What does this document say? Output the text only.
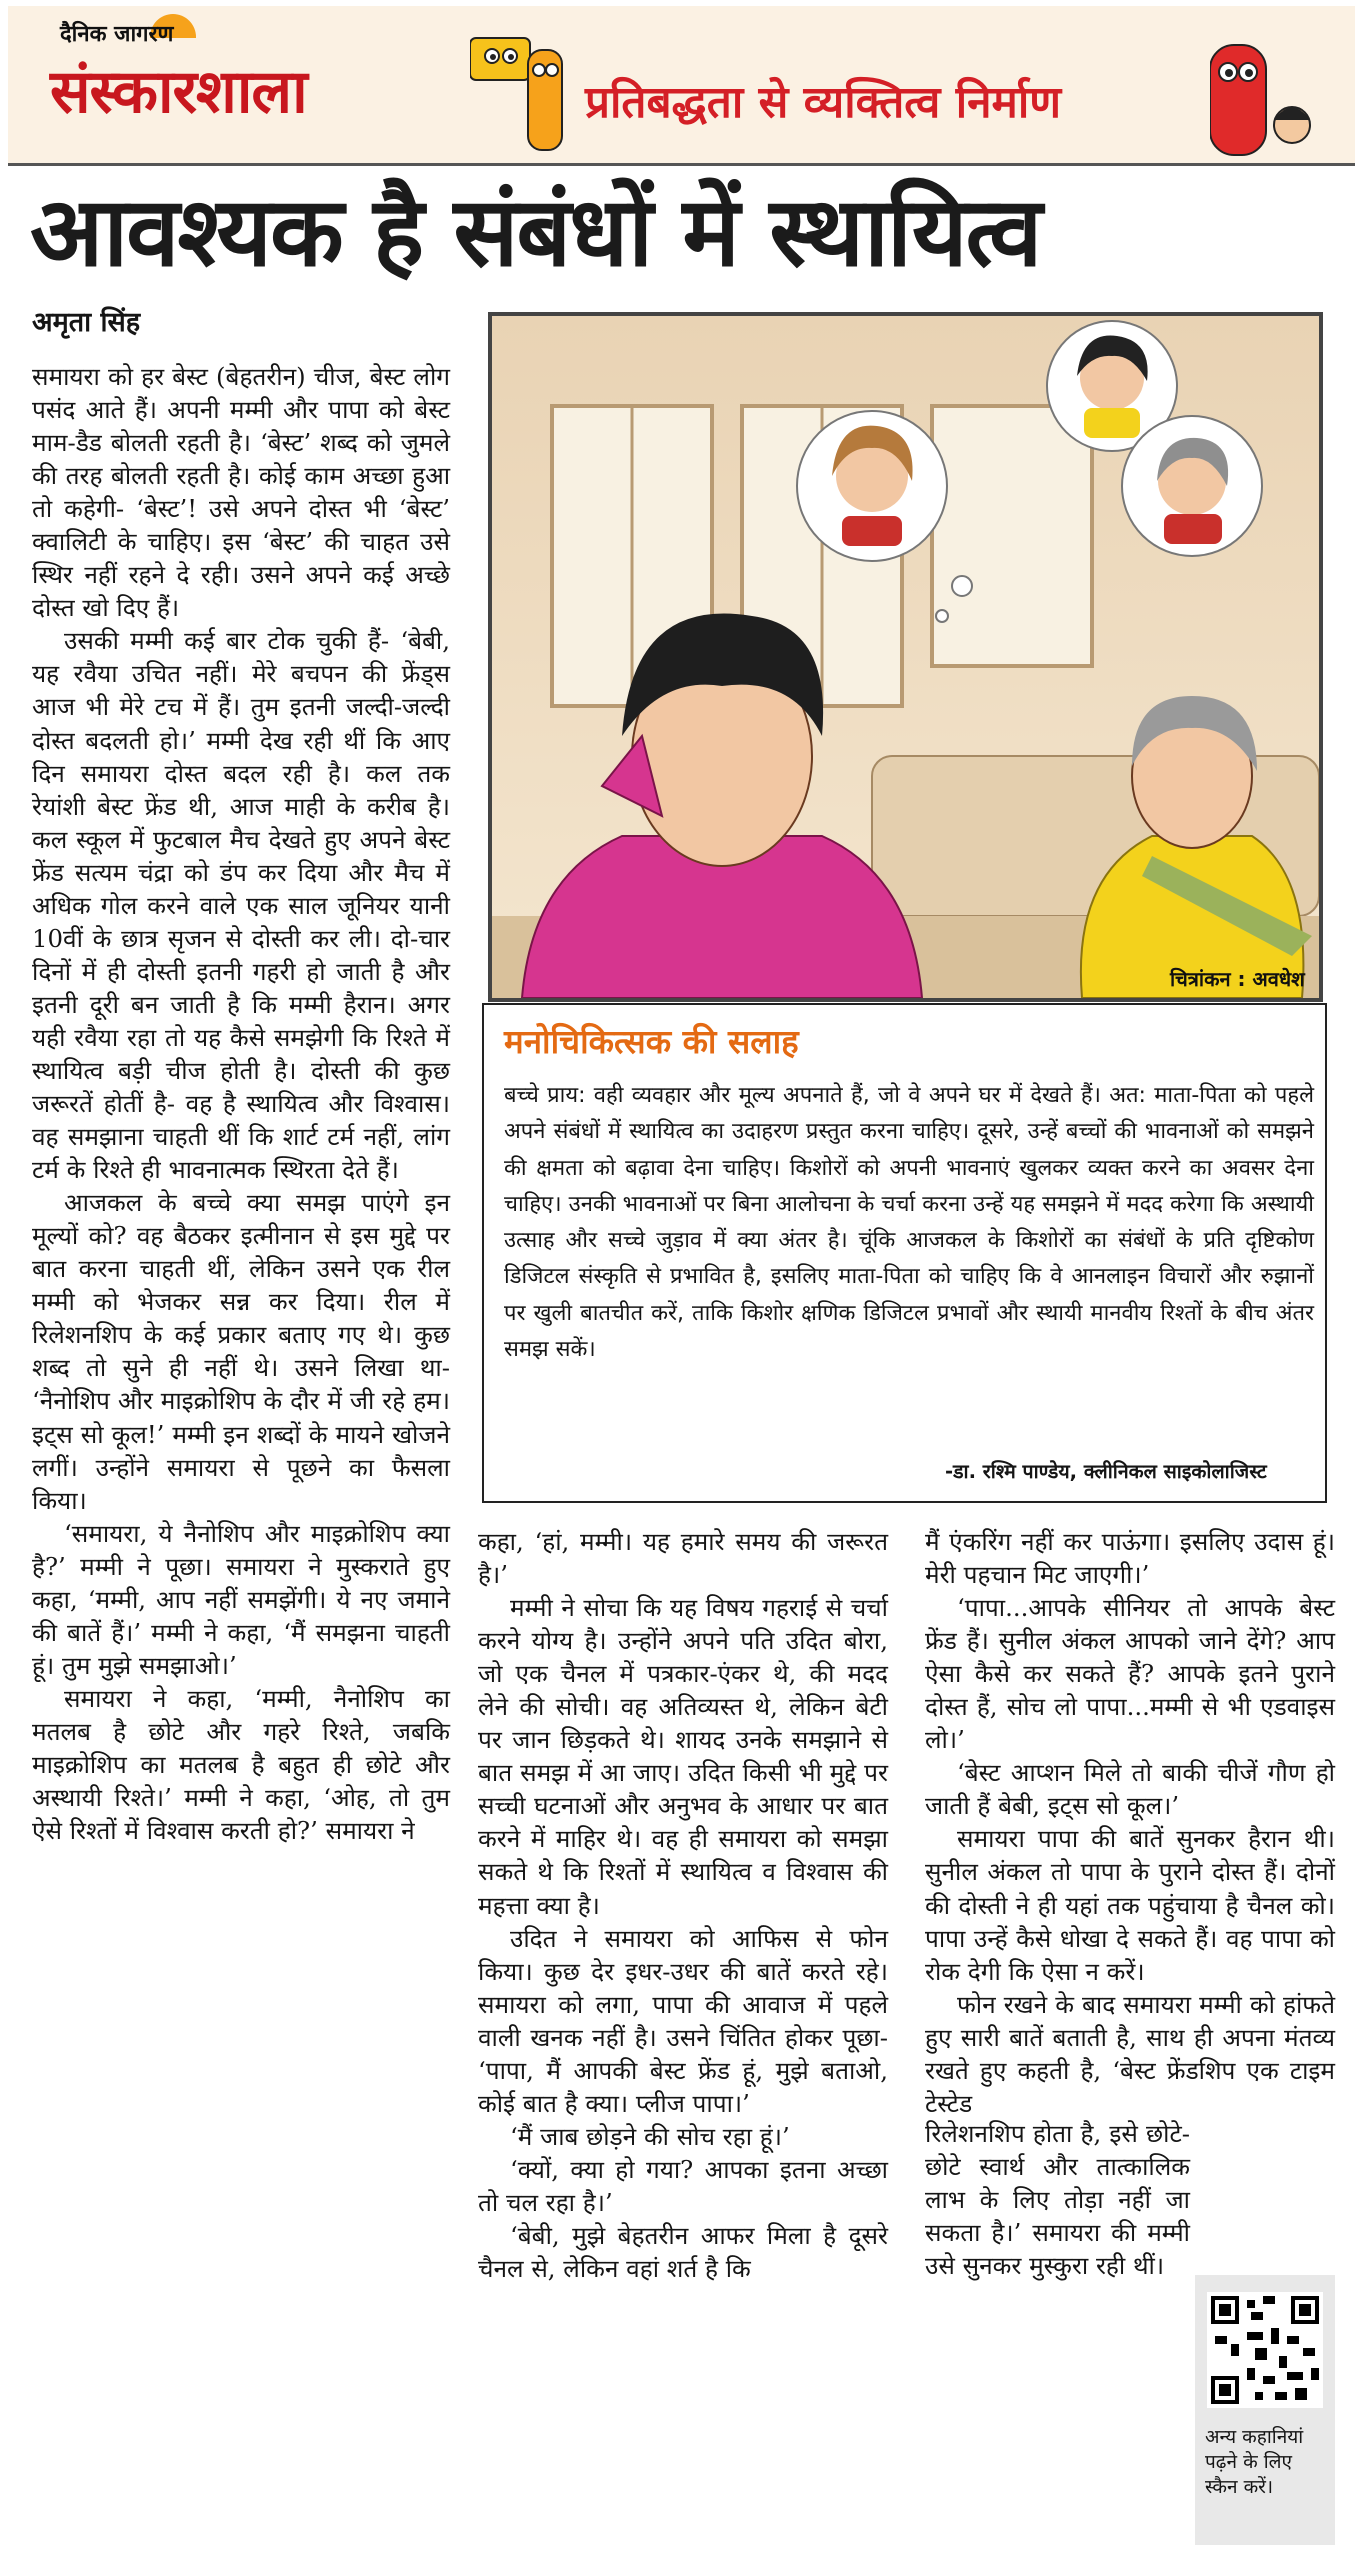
दैनिक जागरण
संस्कारशाला	प्रतिबद्धता से व्यक्तित्व निर्माण
आवश्यक है संबंधों में स्थायित्व
अमृता सिंह

समायरा को हर बेस्ट (बेहतरीन) चीज, बेस्ट लोग पसंद आते हैं। अपनी मम्मी और पापा को बेस्ट माम-डैड बोलती रहती है। ‘बेस्ट’ शब्द को जुमले की तरह बोलती रहती है। कोई काम अच्छा हुआ तो कहेगी- ‘बेस्ट’! उसे अपने दोस्त भी ‘बेस्ट’ क्वालिटी के चाहिए। इस ‘बेस्ट’ की चाहत उसे स्थिर नहीं रहने दे रही। उसने अपने कई अच्छे दोस्त खो दिए हैं।

उसकी मम्मी कई बार टोक चुकी हैं- ‘बेबी, यह रवैया उचित नहीं। मेरे बचपन की फ्रेंड्स आज भी मेरे टच में हैं। तुम इतनी जल्दी-जल्दी दोस्त बदलती हो।’ मम्मी देख रही थीं कि आए दिन समायरा दोस्त बदल रही है। कल तक रेयांशी बेस्ट फ्रेंड थी, आज माही के करीब है। कल स्कूल में फुटबाल मैच देखते हुए अपने बेस्ट फ्रेंड सत्यम चंद्रा को डंप कर दिया और मैच में अधिक गोल करने वाले एक साल जूनियर यानी 10वीं के छात्र सृजन से दोस्ती कर ली। दो-चार दिनों में ही दोस्ती इतनी गहरी हो जाती है और इतनी दूरी बन जाती है कि मम्मी हैरान। अगर यही रवैया रहा तो यह कैसे समझेगी कि रिश्ते में स्थायित्व बड़ी चीज होती है। दोस्ती की कुछ जरूरतें होतीं है- वह है स्थायित्व और विश्वास। वह समझाना चाहती थीं कि शार्ट टर्म नहीं, लांग टर्म के रिश्ते ही भावनात्मक स्थिरता देते हैं।

आजकल के बच्चे क्या समझ पाएंगे इन मूल्यों को? वह बैठकर इत्मीनान से इस मुद्दे पर बात करना चाहती थीं, लेकिन उसने एक रील मम्मी को भेजकर सन्न कर दिया। रील में रिलेशनशिप के कई प्रकार बताए गए थे। कुछ शब्द तो सुने ही नहीं थे। उसने लिखा था- ‘नैनोशिप और माइक्रोशिप के दौर में जी रहे हम। इट्स सो कूल!’ मम्मी इन शब्दों के मायने खोजने लगीं। उन्होंने समायरा से पूछने का फैसला किया।

‘समायरा, ये नैनोशिप और माइक्रोशिप क्या है?’ मम्मी ने पूछा। समायरा ने मुस्कराते हुए कहा, ‘मम्मी, आप नहीं समझेंगी। ये नए जमाने की बातें हैं।’ मम्मी ने कहा, ‘मैं समझना चाहती हूं। तुम मुझे समझाओ।’

समायरा ने कहा, ‘मम्मी, नैनोशिप का मतलब है छोटे और गहरे रिश्ते, जबकि माइक्रोशिप का मतलब है बहुत ही छोटे और अस्थायी रिश्ते।’ मम्मी ने कहा, ‘ओह, तो तुम ऐसे रिश्तों में विश्वास करती हो?’ समायरा ने

चित्रांकन : अवधेश
मनोचिकित्सक की सलाह
बच्चे प्राय: वही व्यवहार और मूल्य अपनाते हैं, जो वे अपने घर में देखते हैं। अत: माता-पिता को पहले अपने संबंधों में स्थायित्व का उदाहरण प्रस्तुत करना चाहिए। दूसरे, उन्हें बच्चों की भावनाओं को समझने की क्षमता को बढ़ावा देना चाहिए। किशोरों को अपनी भावनाएं खुलकर व्यक्त करने का अवसर देना चाहिए। उनकी भावनाओं पर बिना आलोचना के चर्चा करना उन्हें यह समझने में मदद करेगा कि अस्थायी उत्साह और सच्चे जुड़ाव में क्या अंतर है। चूंकि आजकल के किशोरों का संबंधों के प्रति दृष्टिकोण डिजिटल संस्कृति से प्रभावित है, इसलिए माता-पिता को चाहिए कि वे आनलाइन विचारों और रुझानों पर खुली बातचीत करें, ताकि किशोर क्षणिक डिजिटल प्रभावों और स्थायी मानवीय रिश्तों के बीच अंतर समझ सकें।
-डा. रश्मि पाण्डेय, क्लीनिकल साइकोलाजिस्ट

कहा, ‘हां, मम्मी। यह हमारे समय की जरूरत है।’

मम्मी ने सोचा कि यह विषय गहराई से चर्चा करने योग्य है। उन्होंने अपने पति उदित बोरा, जो एक चैनल में पत्रकार-एंकर थे, की मदद लेने की सोची। वह अतिव्यस्त थे, लेकिन बेटी पर जान छिड़कते थे। शायद उनके समझाने से बात समझ में आ जाए। उदित किसी भी मुद्दे पर सच्ची घटनाओं और अनुभव के आधार पर बात करने में माहिर थे। वह ही समायरा को समझा सकते थे कि रिश्तों में स्थायित्व व विश्वास की महत्ता क्या है।

उदित ने समायरा को आफिस से फोन किया। कुछ देर इधर-उधर की बातें करते रहे। समायरा को लगा, पापा की आवाज में पहले वाली खनक नहीं है। उसने चिंतित होकर पूछा- ‘पापा, मैं आपकी बेस्ट फ्रेंड हूं, मुझे बताओ, कोई बात है क्या। प्लीज पापा।’

‘मैं जाब छोड़ने की सोच रहा हूं।’

‘क्यों, क्या हो गया? आपका इतना अच्छा तो चल रहा है।’

‘बेबी, मुझे बेहतरीन आफर मिला है दूसरे चैनल से, लेकिन वहां शर्त है कि

मैं एंकरिंग नहीं कर पाऊंगा। इसलिए उदास हूं। मेरी पहचान मिट जाएगी।’

‘पापा...आपके सीनियर तो आपके बेस्ट फ्रेंड हैं। सुनील अंकल आपको जाने देंगे? आप ऐसा कैसे कर सकते हैं? आपके इतने पुराने दोस्त हैं, सोच लो पापा...मम्मी से भी एडवाइस लो।’

‘बेस्ट आप्शन मिले तो बाकी चीजें गौण हो जाती हैं बेबी, इट्स सो कूल।’

समायरा पापा की बातें सुनकर हैरान थी। सुनील अंकल तो पापा के पुराने दोस्त हैं। दोनों की दोस्ती ने ही यहां तक पहुंचाया है चैनल को। पापा उन्हें कैसे धोखा दे सकते हैं। वह पापा को रोक देगी कि ऐसा न करें।

फोन रखने के बाद समायरा मम्मी को हांफते हुए सारी बातें बताती है, साथ ही अपना मंतव्य रखते हुए कहती है, ‘बेस्ट फ्रेंडशिप एक टाइम टेस्टेड

रिलेशनशिप होता है, इसे छोटे-छोटे स्वार्थ और तात्कालिक लाभ के लिए तोड़ा नहीं जा सकता है।’ समायरा की मम्मी उसे सुनकर मुस्कुरा रही थीं।

अन्य कहानियां पढ़ने के लिए स्कैन करें।
